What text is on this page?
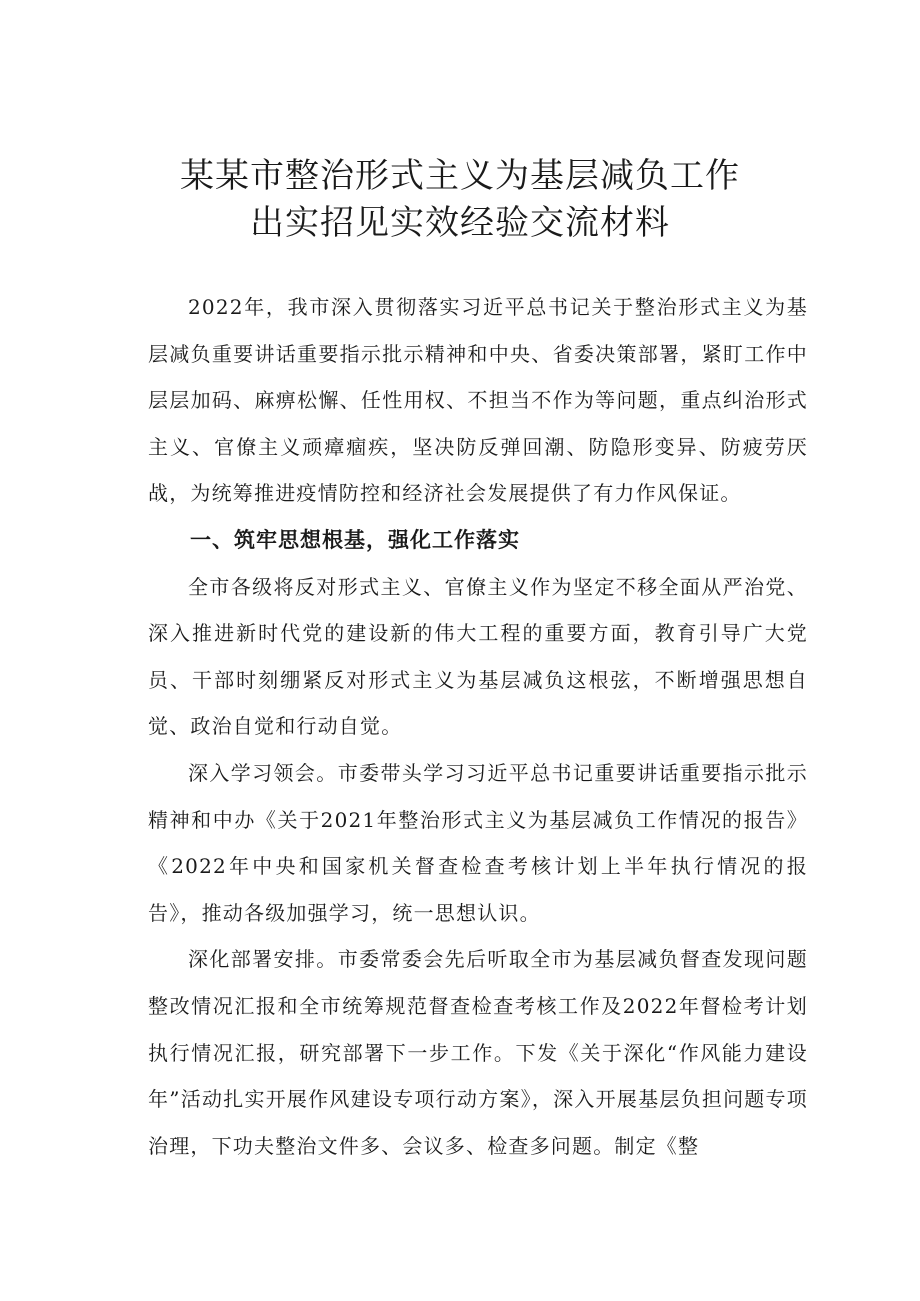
某某市整治形式主义为基层减负工作
出实招见实效经验交流材料

2022年，我市深入贯彻落实习近平总书记关于整治形式主义为基层减负重要讲话重要指示批示精神和中央、省委决策部署，紧盯工作中层层加码、麻痹松懈、任性用权、不担当不作为等问题，重点纠治形式主义、官僚主义顽瘴痼疾，坚决防反弹回潮、防隐形变异、防疲劳厌战，为统筹推进疫情防控和经济社会发展提供了有力作风保证。

一、筑牢思想根基，强化工作落实

全市各级将反对形式主义、官僚主义作为坚定不移全面从严治党、深入推进新时代党的建设新的伟大工程的重要方面，教育引导广大党员、干部时刻绷紧反对形式主义为基层减负这根弦，不断增强思想自觉、政治自觉和行动自觉。

深入学习领会。市委带头学习习近平总书记重要讲话重要指示批示精神和中办《关于2021年整治形式主义为基层减负工作情况的报告》《2022年中央和国家机关督查检查考核计划上半年执行情况的报告》，推动各级加强学习，统一思想认识。

深化部署安排。市委常委会先后听取全市为基层减负督查发现问题整改情况汇报和全市统筹规范督查检查考核工作及2022年督检考计划执行情况汇报，研究部署下一步工作。下发《关于深化“作风能力建设年”活动扎实开展作风建设专项行动方案》，深入开展基层负担问题专项治理，下功夫整治文件多、会议多、检查多问题。制定《整
